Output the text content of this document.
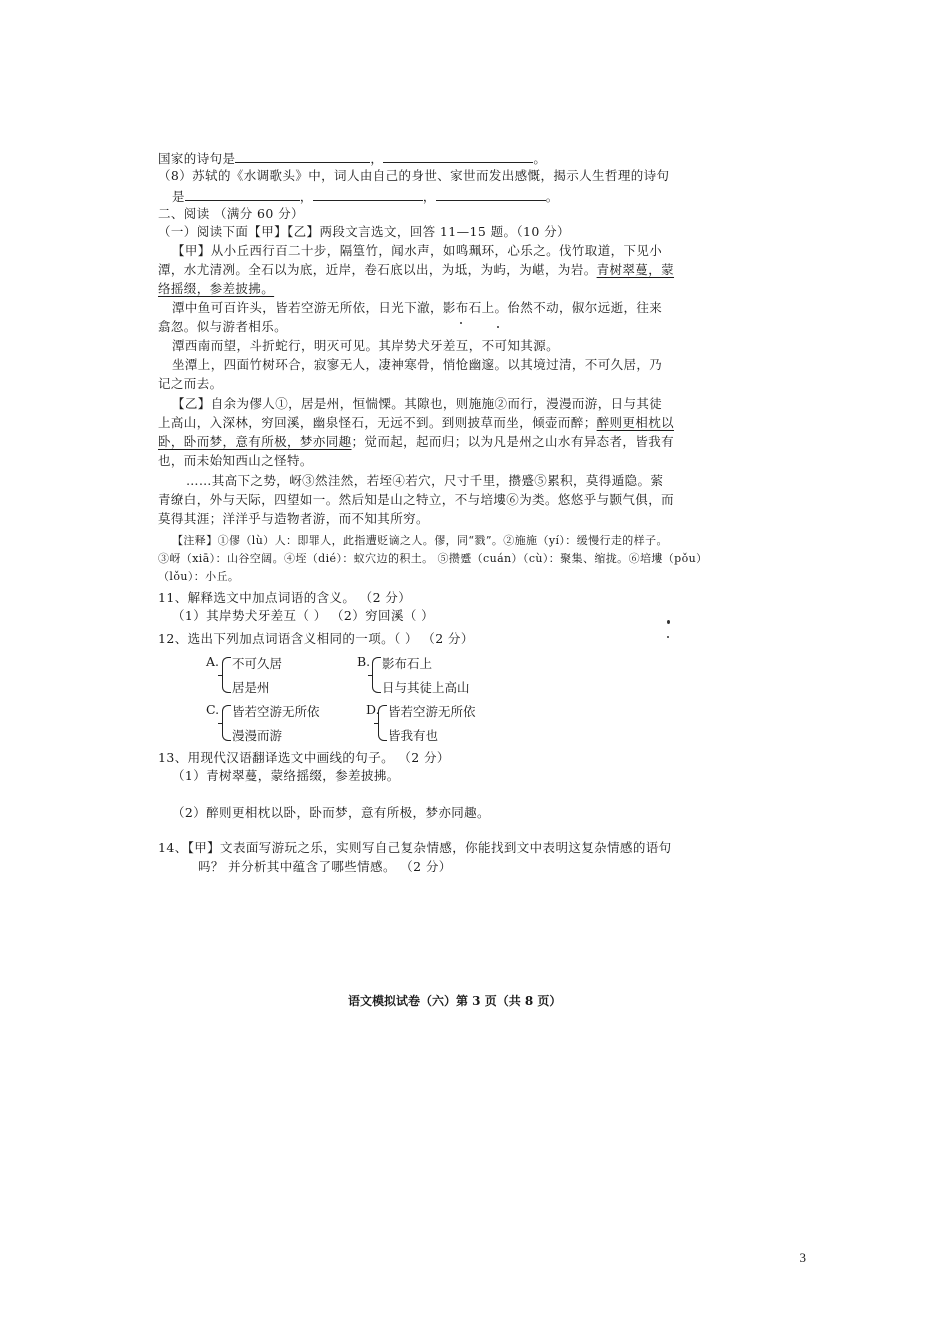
国家的诗句是	，	。
（8）苏轼的《水调歌头》中，词人由自己的身世、家世而发出感慨，揭示人生哲理的诗句
是	，	，	。
二、阅读 （满分 60 分）
（一）阅读下面【甲】【乙】两段文言选文，回答 11—15 题。（10 分）
【甲】从小丘西行百二十步，隔篁竹，闻水声，如鸣珮环，心乐之。伐竹取道，下见小
潭，水尤清冽。全石以为底，近岸，卷石底以出，为坻，为屿，为嵁，为岩。青树翠蔓，蒙
络摇缀，参差披拂。
潭中鱼可百许头，皆若空游无所依，日光下澈，影布石上。佁然不动，俶尔远逝，往来
翕忽。似与游者相乐。
潭西南而望，斗折蛇行，明灭可见。其岸势犬牙差互，不可知其源。
坐潭上，四面竹树环合，寂寥无人，凄神寒骨，悄怆幽邃。以其境过清，不可久居，乃
记之而去。
【乙】自余为僇人①，居是州，恒惴慄。其隙也，则施施②而行，漫漫而游，日与其徒
上高山，入深林，穷回溪，幽泉怪石，无远不到。到则披草而坐，倾壶而醉；醉则更相枕以
卧，卧而梦，意有所极，梦亦同趣；觉而起，起而归；以为凡是州之山水有异态者，皆我有
也，而未始知西山之怪特。
……其高下之势，岈③然洼然，若垤④若穴，尺寸千里，攒蹙⑤累积，莫得遁隐。萦
青缭白，外与天际，四望如一。然后知是山之特立，不与培塿⑥为类。悠悠乎与颢气俱，而
莫得其涯；洋洋乎与造物者游，而不知其所穷。
【注释】①僇（lù）人：即罪人，此指遭贬谪之人。僇，同“戮”。②施施（yí）：缓慢行走的样子。
③岈（xiā）：山谷空阔。④垤（dié）：蚁穴边的积土。 ⑤攒蹙（cuán）（cù）：聚集、缩拢。⑥培塿（pǒu）
（lǒu）：小丘。
11、解释选文中加点词语的含义。 （2 分）
（1）其岸势犬牙差互（ ） （2）穷回溪（ ）
12、选出下列加点词语含义相同的一项。（ ） （2 分）
A. 不可久居
居是州
B. 影布石上
日与其徒上高山
C. 皆若空游无所依
漫漫而游
D. 皆若空游无所依
皆我有也
13、用现代汉语翻译选文中画线的句子。 （2 分）
（1）青树翠蔓，蒙络摇缀，参差披拂。
（2）醉则更相枕以卧，卧而梦，意有所极，梦亦同趣。
14、【甲】文表面写游玩之乐，实则写自己复杂情感，你能找到文中表明这复杂情感的语句
吗？ 并分析其中蕴含了哪些情感。 （2 分）
语文模拟试卷（六）第 3 页（共 8 页）
3
